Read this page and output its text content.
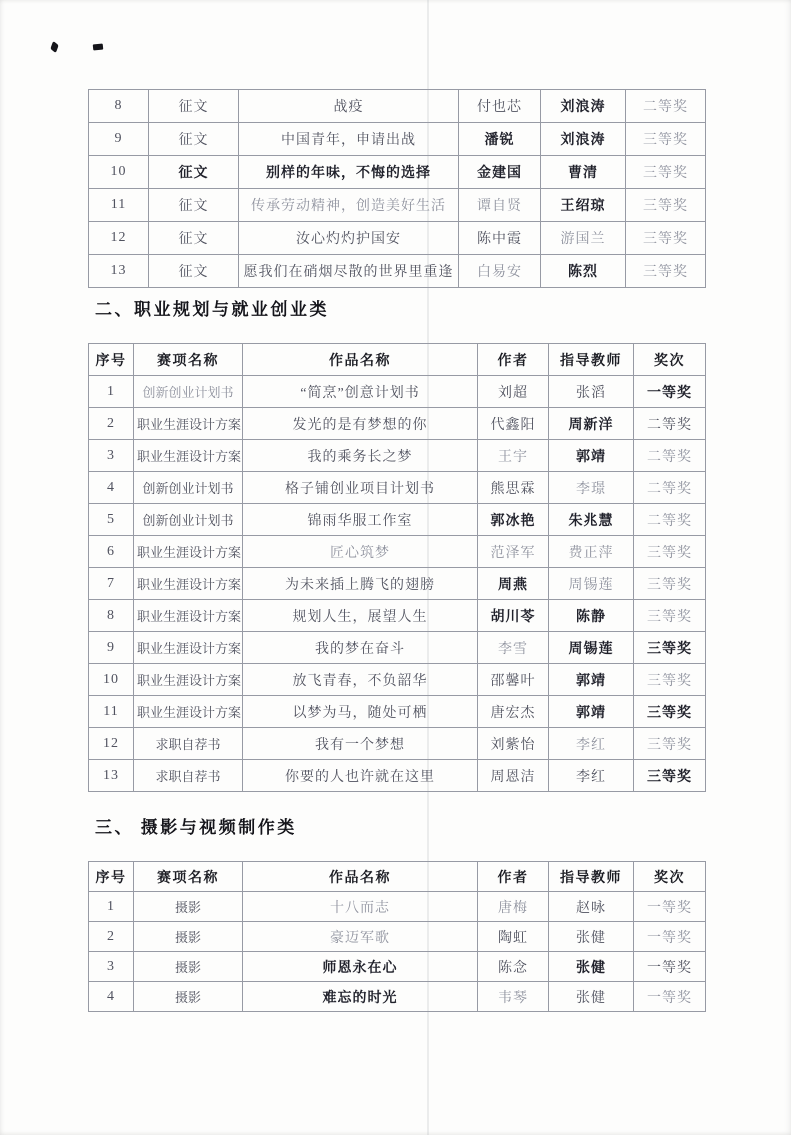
8	征文	战疫	付也芯	刘浪涛	二等奖
9	征文	中国青年，申请出战	潘锐	刘浪涛	三等奖
10	征文	别样的年味，不悔的选择	金建国	曹清	三等奖
11	征文	传承劳动精神，创造美好生活	谭自贤	王绍琼	三等奖
12	征文	汝心灼灼护国安	陈中霞	游国兰	三等奖
13	征文	愿我们在硝烟尽散的世界里重逢	白易安	陈烈	三等奖
二、职业规划与就业创业类
序号	赛项名称	作品名称	作者	指导教师	奖次
1	创新创业计划书	“简烹”创意计划书	刘超	张滔	一等奖
2	职业生涯设计方案	发光的是有梦想的你	代鑫阳	周新洋	二等奖
3	职业生涯设计方案	我的乘务长之梦	王宇	郭靖	二等奖
4	创新创业计划书	格子铺创业项目计划书	熊思霖	李璟	二等奖
5	创新创业计划书	锦雨华服工作室	郭冰艳	朱兆慧	二等奖
6	职业生涯设计方案	匠心筑梦	范泽军	费正萍	三等奖
7	职业生涯设计方案	为未来插上腾飞的翅膀	周燕	周锡莲	三等奖
8	职业生涯设计方案	规划人生，展望人生	胡川苓	陈静	三等奖
9	职业生涯设计方案	我的梦在奋斗	李雪	周锡莲	三等奖
10	职业生涯设计方案	放飞青春，不负韶华	邵馨叶	郭靖	三等奖
11	职业生涯设计方案	以梦为马，随处可栖	唐宏杰	郭靖	三等奖
12	求职自荐书	我有一个梦想	刘紫怡	李红	三等奖
13	求职自荐书	你要的人也许就在这里	周恩洁	李红	三等奖
三、 摄影与视频制作类
序号	赛项名称	作品名称	作者	指导教师	奖次
1	摄影	十八而志	唐梅	赵咏	一等奖
2	摄影	豪迈军歌	陶虹	张健	一等奖
3	摄影	师恩永在心	陈念	张健	一等奖
4	摄影	难忘的时光	韦琴	张健	一等奖
